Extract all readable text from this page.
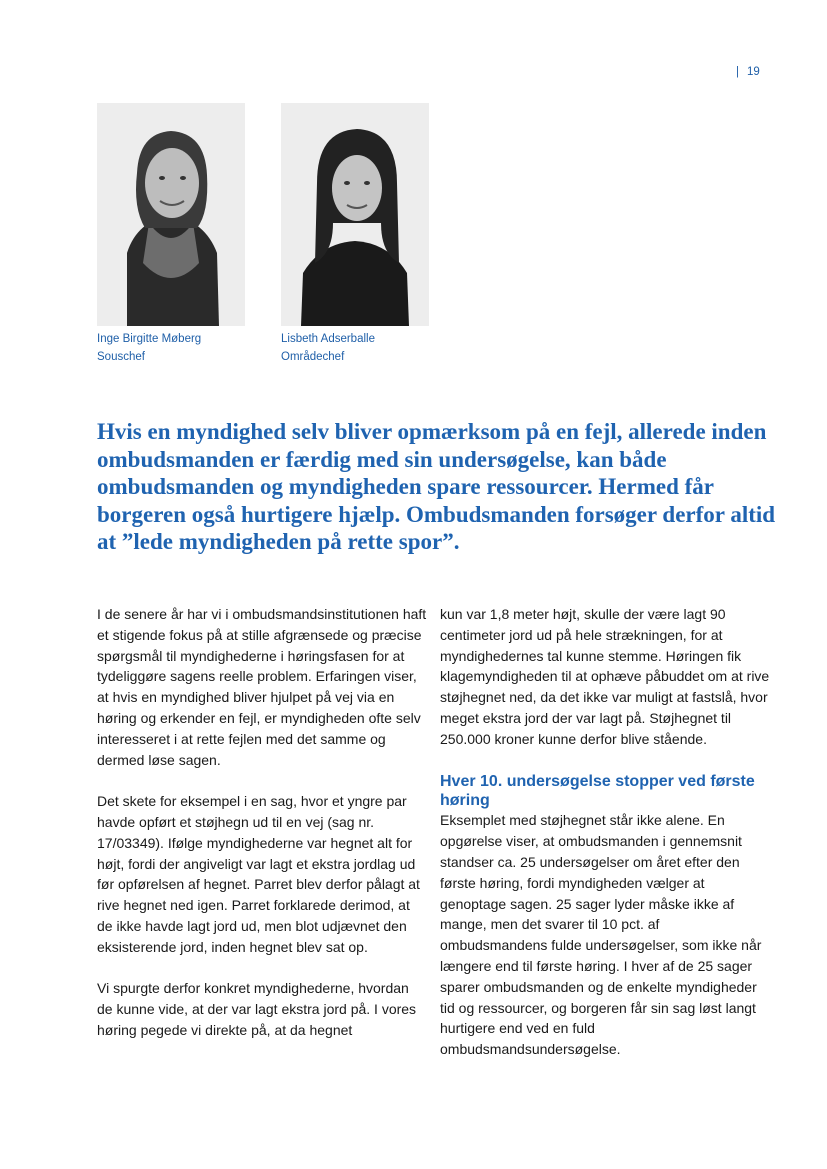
| 19
Inge Birgitte Møberg
Souschef
Lisbeth Adserballe
Områdechef

Hvis en myndighed selv bliver opmærksom på en fejl, allerede inden ombudsmanden er færdig med sin undersøgelse, kan både ombudsmanden og myndigheden spare ressourcer. Hermed får borgeren også hurtigere hjælp. Ombudsmanden forsøger derfor altid at ”lede myndigheden på rette spor”.

I de senere år har vi i ombudsmandsinstitutionen haft et stigende fokus på at stille afgrænsede og præcise spørgsmål til myndighederne i høringsfasen for at tydeliggøre sagens reelle problem. Erfaringen viser, at hvis en myndighed bliver hjulpet på vej via en høring og erkender en fejl, er myndigheden ofte selv interesseret i at rette fejlen med det samme og dermed løse sagen.

Det skete for eksempel i en sag, hvor et yngre par havde opført et støjhegn ud til en vej (sag nr. 17/03349). Ifølge myndighederne var hegnet alt for højt, fordi der angiveligt var lagt et ekstra jordlag ud før opførelsen af hegnet. Parret blev derfor pålagt at rive hegnet ned igen. Parret forklarede derimod, at de ikke havde lagt jord ud, men blot udjævnet den eksisterende jord, inden hegnet blev sat op.

Vi spurgte derfor konkret myndighederne, hvordan de kunne vide, at der var lagt ekstra jord på. I vores høring pegede vi direkte på, at da hegnet

kun var 1,8 meter højt, skulle der være lagt 90 centimeter jord ud på hele strækningen, for at myndighedernes tal kunne stemme. Høringen fik klagemyndigheden til at ophæve påbuddet om at rive støjhegnet ned, da det ikke var muligt at fastslå, hvor meget ekstra jord der var lagt på. Støjhegnet til 250.000 kroner kunne derfor blive stående.

Hver 10. undersøgelse stopper ved første høring

Eksemplet med støjhegnet står ikke alene. En opgørelse viser, at ombudsmanden i gennemsnit standser ca. 25 undersøgelser om året efter den første høring, fordi myndigheden vælger at genoptage sagen. 25 sager lyder måske ikke af mange, men det svarer til 10 pct. af ombudsmandens fulde undersøgelser, som ikke når længere end til første høring. I hver af de 25 sager sparer ombudsmanden og de enkelte myndigheder tid og ressourcer, og borgeren får sin sag løst langt hurtigere end ved en fuld ombudsmandsundersøgelse.
